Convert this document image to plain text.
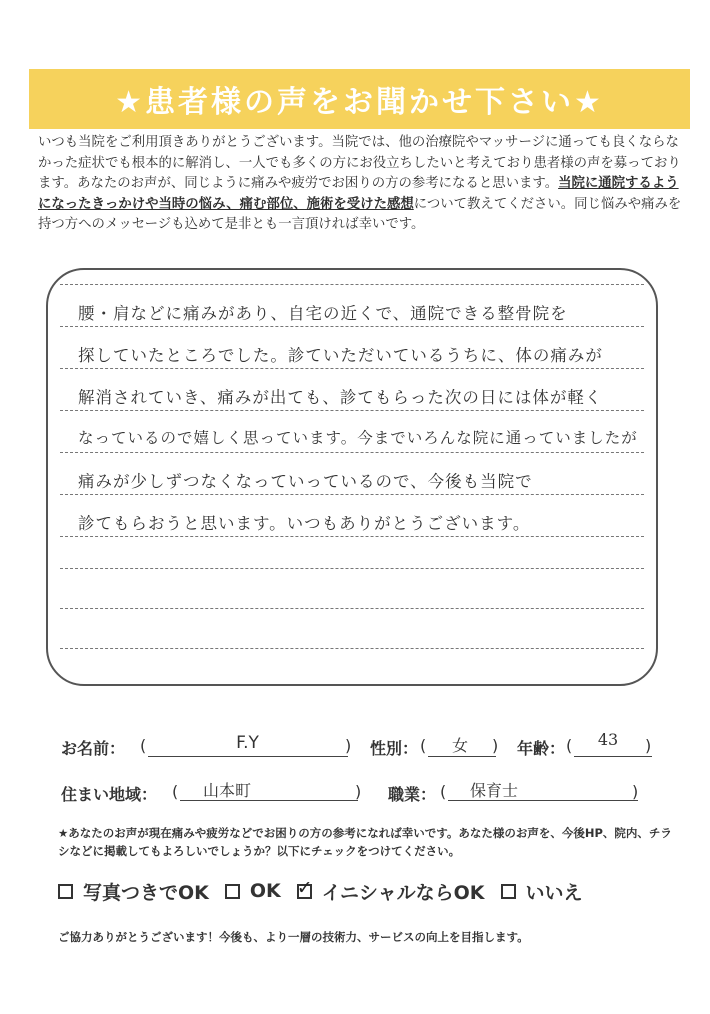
★患者様の声をお聞かせ下さい★
いつも当院をご利用頂きありがとうございます。当院では、他の治療院やマッサージに通っても良くならなかった症状でも根本的に解消し、一人でも多くの方にお役立ちしたいと考えており患者様の声を募っております。あなたのお声が、同じように痛みや疲労でお困りの方の参考になると思います。当院に通院するようになったきっかけや当時の悩み、痛む部位、施術を受けた感想について教えてください。同じ悩みや痛みを持つ方へのメッセージも込めて是非とも一言頂ければ幸いです。
腰・肩などに痛みがあり、自宅の近くで、通院できる整骨院を
探していたところでした。診ていただいているうちに、体の痛みが
解消されていき、痛みが出ても、診てもらった次の日には体が軽く
なっているので嬉しく思っています。今までいろんな院に通っていましたが
痛みが少しずつなくなっていっているので、今後も当院で
診てもらおうと思います。いつもありがとうございます。
お名前： (	F.Y	) 性別： (	女	) 年齢： (	43	)
住まい地域： (	山本町	) 職業： (	保育士	)
★あなたのお声が現在痛みや疲労などでお困りの方の参考になれば幸いです。あなた様のお声を、今後HP、院内、チラシなどに掲載してもよろしいでしょうか？以下にチェックをつけてください。
写真つきでOK OK ✓ イニシャルならOK いいえ
ご協力ありがとうございます！今後も、より一層の技術力、サービスの向上を目指します。
